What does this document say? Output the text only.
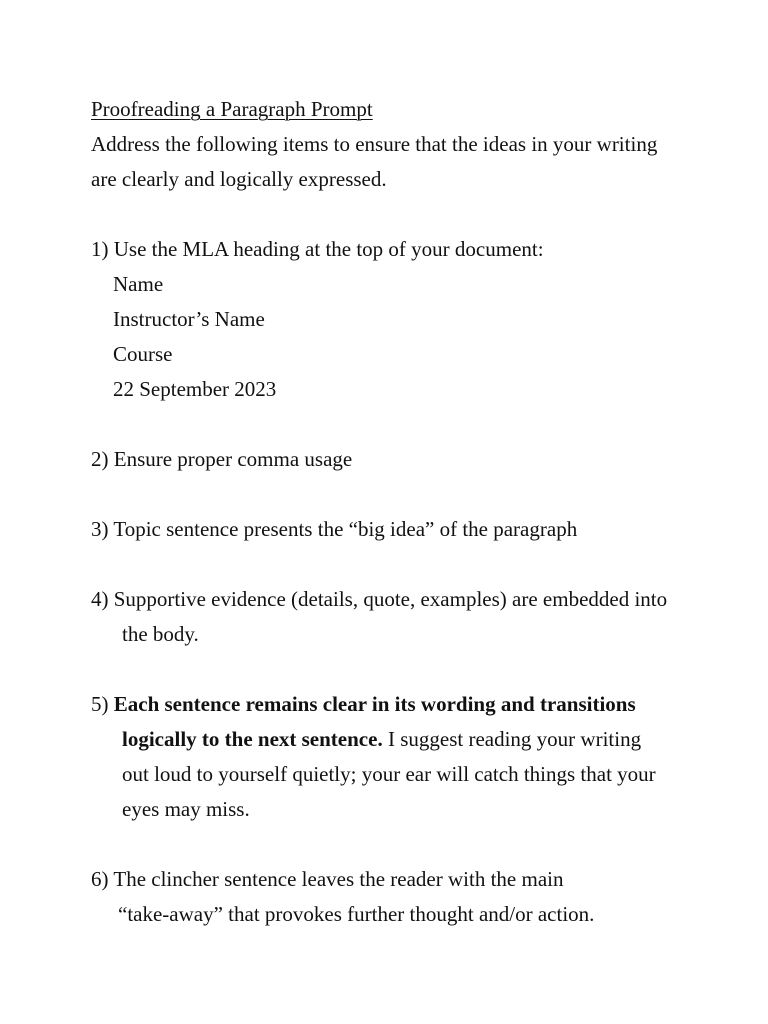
Proofreading a Paragraph Prompt
Address the following items to ensure that the ideas in your writing
are clearly and logically expressed.
1) Use the MLA heading at the top of your document:
Name
Instructor’s Name
Course
22 September 2023
2) Ensure proper comma usage
3) Topic sentence presents the “big idea” of the paragraph
4) Supportive evidence (details, quote, examples) are embedded into
the body.
5) Each sentence remains clear in its wording and transitions
logically to the next sentence. I suggest reading your writing
out loud to yourself quietly; your ear will catch things that your
eyes may miss.
6) The clincher sentence leaves the reader with the main
“take-away” that provokes further thought and/or action.
